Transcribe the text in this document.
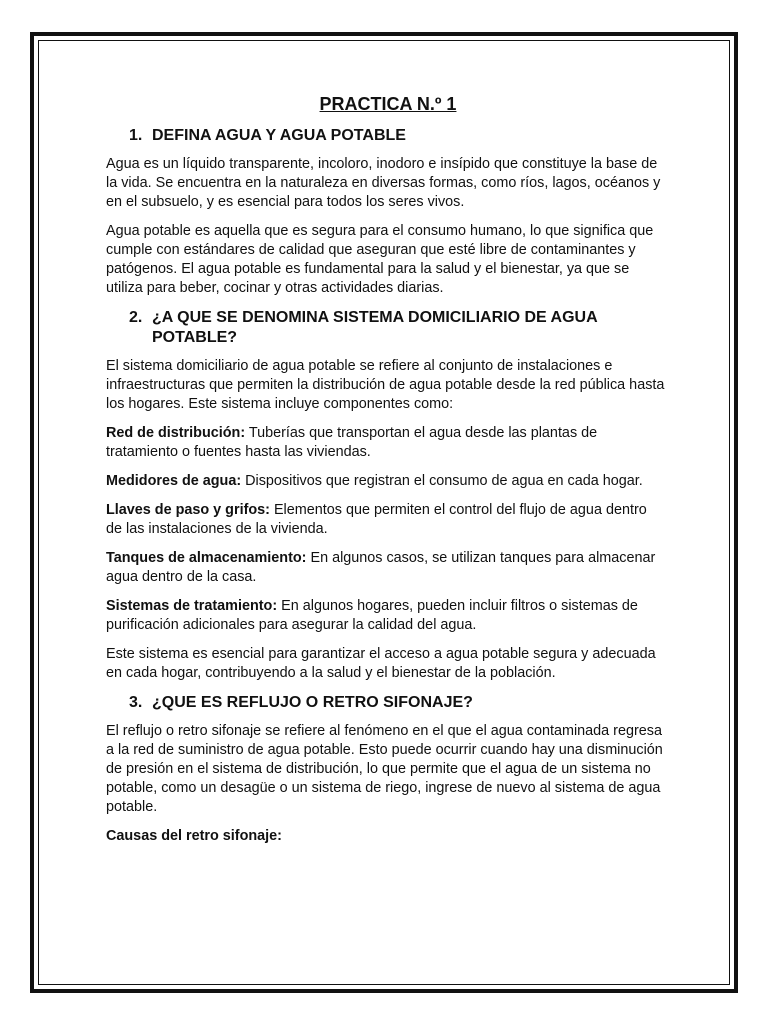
PRACTICA N.º 1
1. DEFINA AGUA Y AGUA POTABLE

Agua es un líquido transparente, incoloro, inodoro e insípido que constituye la base de la vida. Se encuentra en la naturaleza en diversas formas, como ríos, lagos, océanos y en el subsuelo, y es esencial para todos los seres vivos.

Agua potable es aquella que es segura para el consumo humano, lo que significa que cumple con estándares de calidad que aseguran que esté libre de contaminantes y patógenos. El agua potable es fundamental para la salud y el bienestar, ya que se utiliza para beber, cocinar y otras actividades diarias.

2. ¿A QUE SE DENOMINA SISTEMA DOMICILIARIO DE AGUA POTABLE?

El sistema domiciliario de agua potable se refiere al conjunto de instalaciones e infraestructuras que permiten la distribución de agua potable desde la red pública hasta los hogares. Este sistema incluye componentes como:

Red de distribución: Tuberías que transportan el agua desde las plantas de tratamiento o fuentes hasta las viviendas.

Medidores de agua: Dispositivos que registran el consumo de agua en cada hogar.

Llaves de paso y grifos: Elementos que permiten el control del flujo de agua dentro de las instalaciones de la vivienda.

Tanques de almacenamiento: En algunos casos, se utilizan tanques para almacenar agua dentro de la casa.

Sistemas de tratamiento: En algunos hogares, pueden incluir filtros o sistemas de purificación adicionales para asegurar la calidad del agua.

Este sistema es esencial para garantizar el acceso a agua potable segura y adecuada en cada hogar, contribuyendo a la salud y el bienestar de la población.

3. ¿QUE ES REFLUJO O RETRO SIFONAJE?

El reflujo o retro sifonaje se refiere al fenómeno en el que el agua contaminada regresa a la red de suministro de agua potable. Esto puede ocurrir cuando hay una disminución de presión en el sistema de distribución, lo que permite que el agua de un sistema no potable, como un desagüe o un sistema de riego, ingrese de nuevo al sistema de agua potable.

Causas del retro sifonaje:
